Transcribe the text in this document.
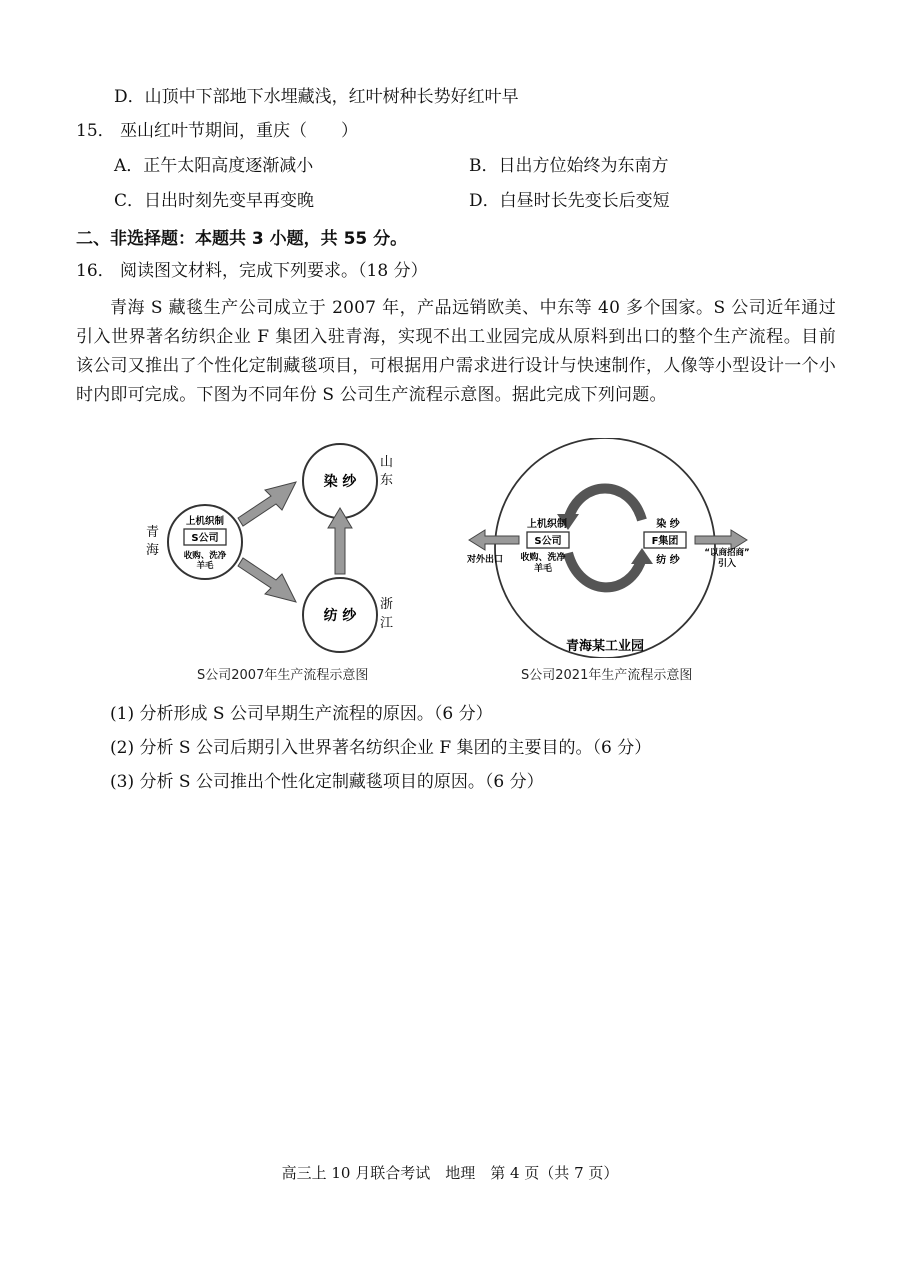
D．山顶中下部地下水埋藏浅，红叶树种长势好红叶早
15． 巫山红叶节期间，重庆（　　）
A．正午太阳高度逐渐减小	B．日出方位始终为东南方
C．日出时刻先变早再变晚	D．白昼时长先变长后变短
二、非选择题：本题共 3 小题，共 55 分。
16． 阅读图文材料，完成下列要求。（18 分）
青海 S 藏毯生产公司成立于 2007 年，产品远销欧美、中东等 40 多个国家。S 公司近年通过引入世界著名纺织企业 F 集团入驻青海，实现不出工业园完成从原料到出口的整个生产流程。目前该公司又推出了个性化定制藏毯项目，可根据用户需求进行设计与快速制作，人像等小型设计一个小时内即可完成。下图为不同年份 S 公司生产流程示意图。据此完成下列问题。
染 纱
山
东
纺 纱
浙
江
上机织制
S公司
收购、洗净
羊毛
青
海
S公司2007年生产流程示意图
青海某工业园
上机织制
S公司
收购、洗净
羊毛
染 纱
F集团
纺 纱
对外出口
“以商招商”
引入
S公司2021年生产流程示意图
(1) 分析形成 S 公司早期生产流程的原因。（6 分）
(2) 分析 S 公司后期引入世界著名纺织企业 F 集团的主要目的。（6 分）
(3) 分析 S 公司推出个性化定制藏毯项目的原因。（6 分）
高三上 10 月联合考试　地理　第 4 页（共 7 页）
